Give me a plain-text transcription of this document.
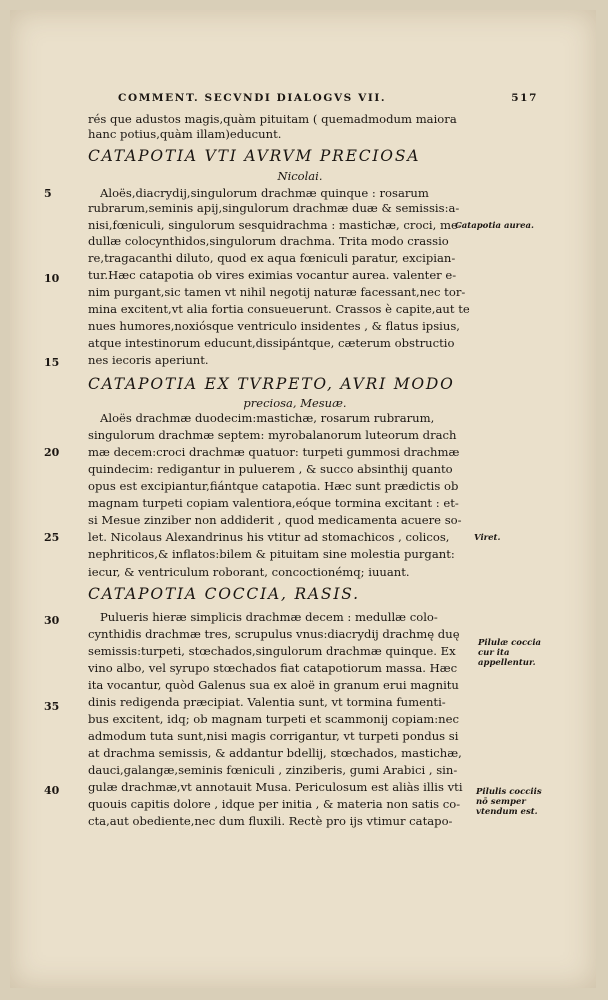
COMMENT. SECVNDI DIALOGVS VII.	517
rés que adustos magis,quàm pituitam ( quemadmodum maiora
hanc potius,quàm illam)educunt.
CATAPOTIA VTI AVRVM PRECIOSA
Nicolai.
Aloës,diacrydij,singulorum drachmæ quinque : rosarum
rubrarum,seminis apij,singulorum drachmæ duæ & semissis:a-
nisi,fœniculi, singulorum sesquidrachma : mastichæ, croci, me-
dullæ colocynthidos,singulorum drachma. Trita modo crassio
re,tragacanthi diluto, quod ex aqua fœniculi paratur, excipian-
tur.Hæc catapotia ob vires eximias vocantur aurea. valenter e-
nim purgant,sic tamen vt nihil negotij naturæ facessant,nec tor-
mina excitent,vt alia fortia consueuerunt. Crassos è capite,aut te
nues humores,noxiósque ventriculo insidentes , & flatus ipsius,
atque intestinorum educunt,dissipántque, cæterum obstructio
nes iecoris aperiunt.
CATAPOTIA EX TVRPETO, AVRI MODO
preciosa, Mesuæ.
Aloës drachmæ duodecim:mastichæ, rosarum rubrarum,
singulorum drachmæ septem: myrobalanorum luteorum drach
mæ decem:croci drachmæ quatuor: turpeti gummosi drachmæ
quindecim: redigantur in puluerem , & succo absinthij quanto
opus est excipiantur,fiántque catapotia. Hæc sunt prædictis ob
magnam turpeti copiam valentiora,eóque tormina excitant : et-
si Mesue zinziber non addiderit , quod medicamenta acuere so-
let. Nicolaus Alexandrinus his vtitur ad stomachicos , colicos,
nephriticos,& inflatos:bilem & pituitam sine molestia purgant:
iecur, & ventriculum roborant, concoctionémq; iuuant.
CATAPOTIA COCCIA, RASIS.
Pulueris hieræ simplicis drachmæ decem : medullæ colo-
cynthidis drachmæ tres, scrupulus vnus:diacrydij drachmę duę
semissis:turpeti, stœchados,singulorum drachmæ quinque. Ex
vino albo, vel syrupo stœchados fiat catapotiorum massa. Hæc
ita vocantur, quòd Galenus sua ex aloë in granum erui magnitu
dinis redigenda præcipiat. Valentia sunt, vt tormina fumenti-
bus excitent, idq; ob magnam turpeti et scammonij copiam:nec
admodum tuta sunt,nisi magis corrigantur, vt turpeti pondus si
at drachma semissis, & addantur bdellij, stœchados, mastichæ,
dauci,galangæ,seminis fœniculi , zinziberis, gumi Arabici , sin-
gulæ drachmæ,vt annotauit Musa. Periculosum est aliàs illis vti
quouis capitis dolore , idque per initia , & materia non satis co-
cta,aut obediente,nec dum fluxili. Rectè pro ijs vtimur catapo-
5
10
15
20
25
30
35
40
Catapotia aurea.
Viret.
Pilulæ coccia cur ita appellentur.
Pilulis cocciis nō semper vtendum est.
